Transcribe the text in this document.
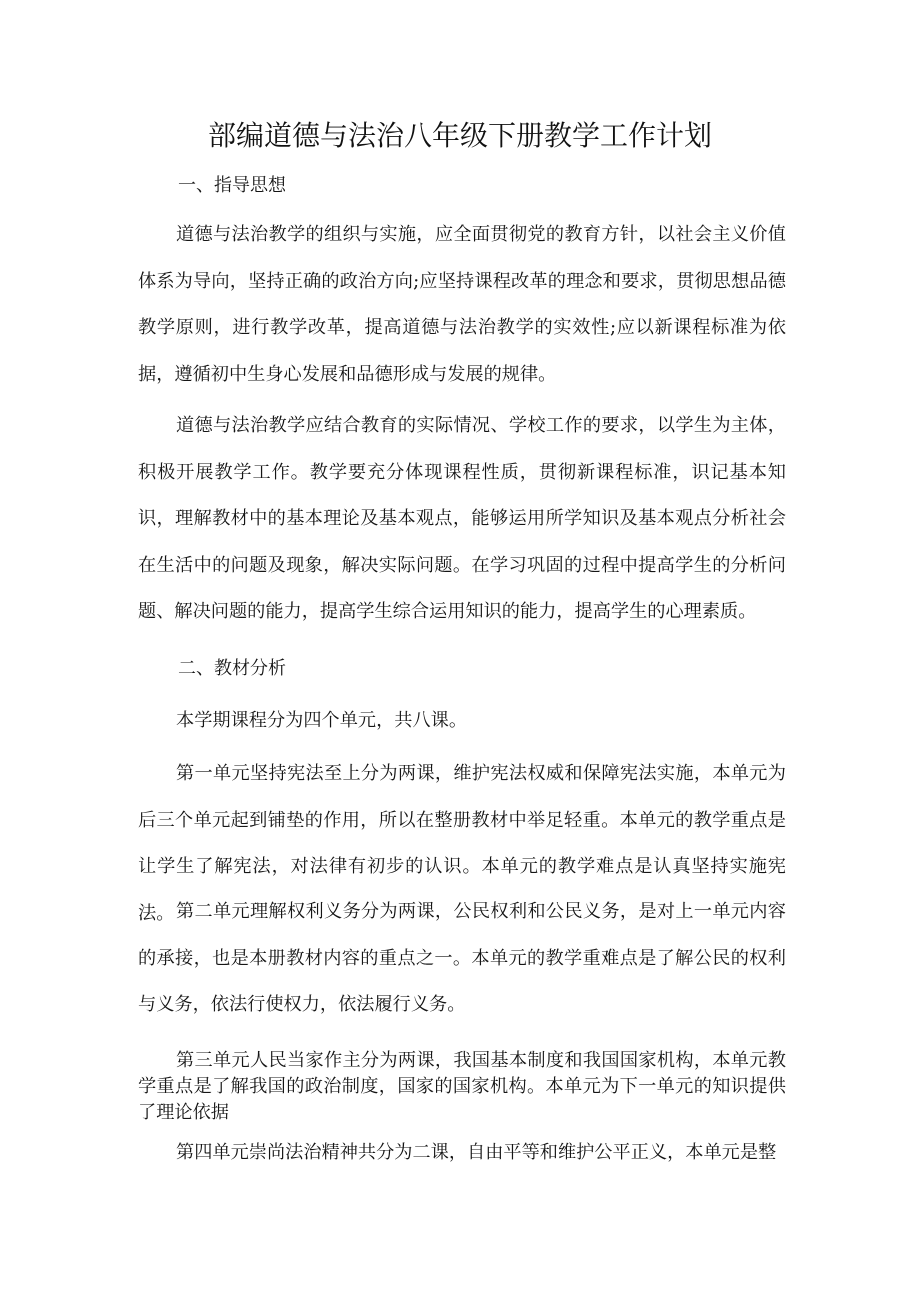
部编道德与法治八年级下册教学工作计划
一、指导思想
道德与法治教学的组织与实施，应全面贯彻党的教育方针，以社会主义价值体系为导向，坚持正确的政治方向;应坚持课程改革的理念和要求，贯彻思想品德教学原则，进行教学改革，提高道德与法治教学的实效性;应以新课程标准为依据，遵循初中生身心发展和品德形成与发展的规律。
道德与法治教学应结合教育的实际情况、学校工作的要求，以学生为主体，积极开展教学工作。教学要充分体现课程性质，贯彻新课程标准，识记基本知识，理解教材中的基本理论及基本观点，能够运用所学知识及基本观点分析社会在生活中的问题及现象，解决实际问题。在学习巩固的过程中提高学生的分析问题、解决问题的能力，提高学生综合运用知识的能力，提高学生的心理素质。
二、教材分析
本学期课程分为四个单元，共八课。
第一单元坚持宪法至上分为两课，维护宪法权威和保障宪法实施，本单元为后三个单元起到铺垫的作用，所以在整册教材中举足轻重。本单元的教学重点是让学生了解宪法，对法律有初步的认识。本单元的教学难点是认真坚持实施宪法。 第二单元理解权利义务分为两课，公民权利和公民义务，是对上一单元内容的承接，也是本册教材内容的重点之一。本单元的教学重难点是了解公民的权利与义务，依法行使权力，依法履行义务。
第三单元人民当家作主分为两课，我国基本制度和我国国家机构，本单元教学重点是了解我国的政治制度，国家的国家机构。本单元为下一单元的知识提供了理论依据
第四单元崇尚法治精神共分为二课，自由平等和维护公平正义，本单元是整
